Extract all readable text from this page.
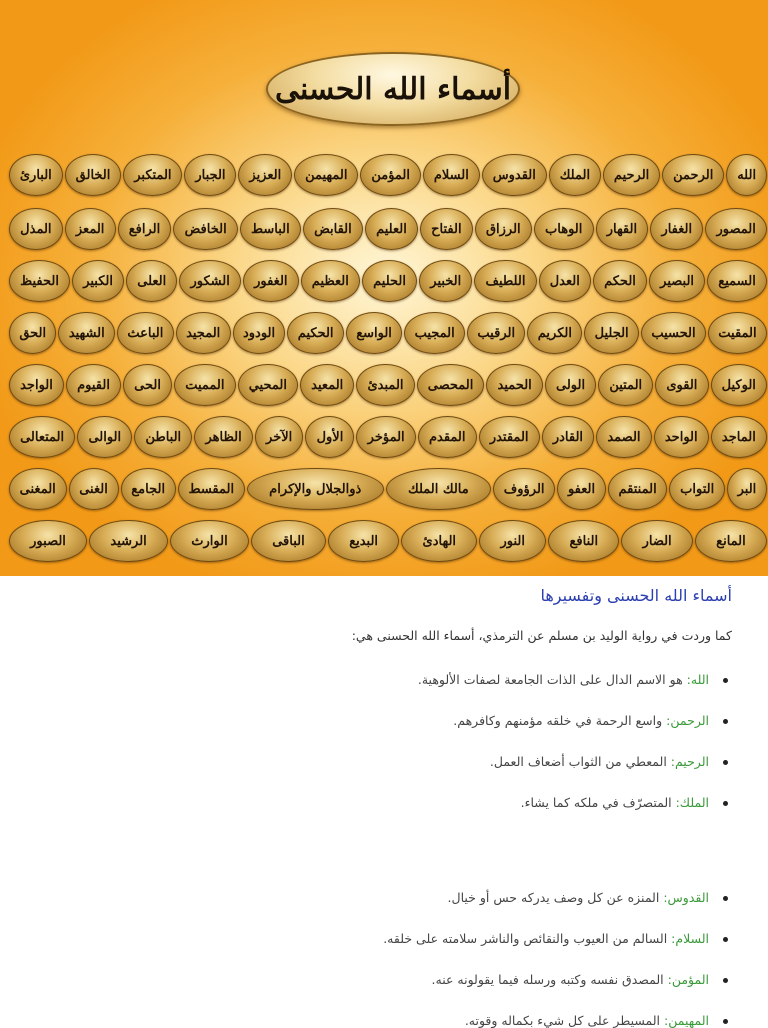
أسماء الله الحسنى
الله
الرحمن
الرحيم
الملك
القدوس
السلام
المؤمن
المهيمن
العزيز
الجبار
المتكبر
الخالق
البارئ
المصور
الغفار
القهار
الوهاب
الرزاق
الفتاح
العليم
القابض
الباسط
الخافض
الرافع
المعز
المذل
السميع
البصير
الحكم
العدل
اللطيف
الخبير
الحليم
العظيم
الغفور
الشكور
العلى
الكبير
الحفيظ
المقيت
الحسيب
الجليل
الكريم
الرقيب
المجيب
الواسع
الحكيم
الودود
المجيد
الباعث
الشهيد
الحق
الوكيل
القوى
المتين
الولى
الحميد
المحصى
المبدئ
المعيد
المحيي
المميت
الحى
القيوم
الواجد
الماجد
الواحد
الصمد
القادر
المقتدر
المقدم
المؤخر
الأول
الآخر
الظاهر
الباطن
الوالى
المتعالى
البر
التواب
المنتقم
العفو
الرؤوف
مالك الملك
ذوالجلال والإكرام
المقسط
الجامع
الغنى
المغنى
المانع
الضار
النافع
النور
الهادئ
البديع
الباقى
الوارث
الرشيد
الصبور
أسماء الله الحسنى وتفسيرها

كما وردت في رواية الوليد بن مسلم عن الترمذي، أسماء الله الحسنى هي:

الله: هو الاسم الدال على الذات الجامعة لصفات الألوهية.
الرحمن: واسع الرحمة في خلقه مؤمنهم وكافرهم.
الرحيم: المعطي من الثواب أضعاف العمل.
الملك: المتصرّف في ملكه كما يشاء.
القدوس: المنزه عن كل وصف يدركه حس أو خيال.
السلام: السالم من العيوب والنقائص والناشر سلامته على خلقه.
المؤمن: المصدق نفسه وكتبه ورسله فيما يقولونه عنه.
المهيمن: المسيطر على كل شيء بكماله وقوته.
